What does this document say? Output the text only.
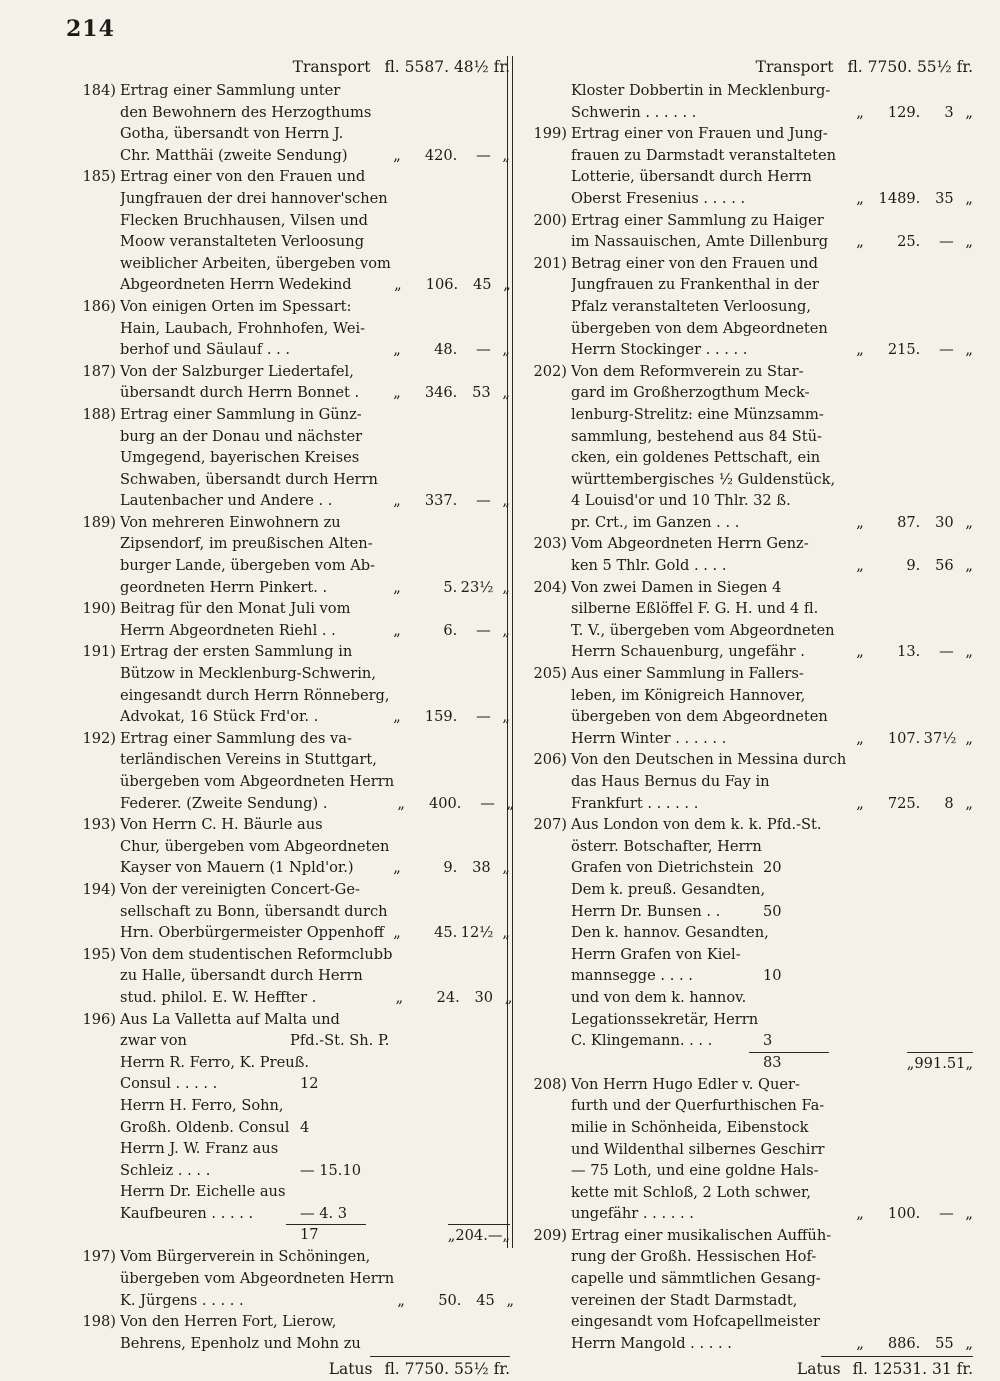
214
Transport fl. 5587. 48½ fr.
184) Ertrag einer Sammlung unter
den Bewohnern des Herzogthums
Gotha, übersandt von Herrn J.
Chr. Matthäi (zweite Sendung)	„	420.	— „
185) Ertrag einer von den Frauen und
Jungfrauen der drei hannover'schen
Flecken Bruchhausen, Vilsen und
Moow veranstalteten Verloosung
weiblicher Arbeiten, übergeben vom
Abgeordneten Herrn Wedekind	„	106.	45 „
186) Von einigen Orten im Spessart:
Hain, Laubach, Frohnhofen, Wei-
berhof und Säulauf . . .	„	48.	— „
187) Von der Salzburger Liedertafel,
übersandt durch Herrn Bonnet .	„	346.	53 „
188) Ertrag einer Sammlung in Günz-
burg an der Donau und nächster
Umgegend, bayerischen Kreises
Schwaben, übersandt durch Herrn
Lautenbacher und Andere . .	„	337.	— „
189) Von mehreren Einwohnern zu
Zipsendorf, im preußischen Alten-
burger Lande, übergeben vom Ab-
geordneten Herrn Pinkert. .	„	5. 23½ „
190) Beitrag für den Monat Juli vom
Herrn Abgeordneten Riehl . .	„	6.	— „
191) Ertrag der ersten Sammlung in
Bützow in Mecklenburg-Schwerin,
eingesandt durch Herrn Rönneberg,
Advokat, 16 Stück Frd'or. .	„	159.	— „
192) Ertrag einer Sammlung des va-
terländischen Vereins in Stuttgart,
übergeben vom Abgeordneten Herrn
Federer. (Zweite Sendung) .	„	400.	— „
193) Von Herrn C. H. Bäurle aus
Chur, übergeben vom Abgeordneten
Kayser von Mauern (1 Npld'or.)	„	9.	38 „
194) Von der vereinigten Concert-Ge-
sellschaft zu Bonn, übersandt durch
Hrn. Oberbürgermeister Oppenhoff „	45. 12½ „
195) Von dem studentischen Reformclubb
zu Halle, übersandt durch Herrn
stud. philol. E. W. Heffter .	„	24.	30 „
196) Aus La Valletta auf Malta und
zwar von	Pfd.-St. Sh. P.
Herrn R. Ferro, K. Preuß.
Consul . . . . .	12
Herrn H. Ferro, Sohn,
Großh. Oldenb. Consul 4
Herrn J. W. Franz aus
Schleiz . . . .	— 15.10
Herrn Dr. Eichelle aus
Kaufbeuren . . . . .	— 4. 3
17	„204.—„
197) Vom Bürgerverein in Schöningen,
übergeben vom Abgeordneten Herrn
K. Jürgens . . . . .	„	50.	45 „
198) Von den Herren Fort, Lierow,
Behrens, Epenholz und Mohn zu
Latus fl. 7750. 55½ fr.
Transport fl. 7750. 55½ fr.
Kloster Dobbertin in Mecklenburg-
Schwerin . . . . . .	„	129.	3 „
199) Ertrag einer von Frauen und Jung-
frauen zu Darmstadt veranstalteten
Lotterie, übersandt durch Herrn
Oberst Fresenius . . . . .	„	1489.	35 „
200) Ertrag einer Sammlung zu Haiger
im Nassauischen, Amte Dillenburg	„	25.	— „
201) Betrag einer von den Frauen und
Jungfrauen zu Frankenthal in der
Pfalz veranstalteten Verloosung,
übergeben von dem Abgeordneten
Herrn Stockinger . . . . .	„	215.	— „
202) Von dem Reformverein zu Star-
gard im Großherzogthum Meck-
lenburg-Strelitz: eine Münzsamm-
sammlung, bestehend aus 84 Stü-
cken, ein goldenes Pettschaft, ein
württembergisches ½ Guldenstück,
4 Louisd'or und 10 Thlr. 32 ß.
pr. Crt., im Ganzen . . .	„	87.	30 „
203) Vom Abgeordneten Herrn Genz-
ken 5 Thlr. Gold . . . .	„	9.	56 „
204) Von zwei Damen in Siegen 4
silberne Eßlöffel F. G. H. und 4 fl.
T. V., übergeben vom Abgeordneten
Herrn Schauenburg, ungefähr .	„	13.	— „
205) Aus einer Sammlung in Fallers-
leben, im Königreich Hannover,
übergeben von dem Abgeordneten
Herrn Winter . . . . . .	„	107. 37½ „
206) Von den Deutschen in Messina durch
das Haus Bernus du Fay in
Frankfurt . . . . . .	„	725.	8 „
207) Aus London von dem k. k. Pfd.-St.
österr. Botschafter, Herrn
Grafen von Dietrichstein 20
Dem k. preuß. Gesandten,
Herrn Dr. Bunsen . .	50
Den k. hannov. Gesandten,
Herrn Grafen von Kiel-
mannsegge . . . .	10
und von dem k. hannov.
Legationssekretär, Herrn
C. Klingemann. . . .	3
83	„991.51„
208) Von Herrn Hugo Edler v. Quer-
furth und der Querfurthischen Fa-
milie in Schönheida, Eibenstock
und Wildenthal silbernes Geschirr
— 75 Loth, und eine goldne Hals-
kette mit Schloß, 2 Loth schwer,
ungefähr . . . . . .	„	100.	— „
209) Ertrag einer musikalischen Auffüh-
rung der Großh. Hessischen Hof-
capelle und sämmtlichen Gesang-
vereinen der Stadt Darmstadt,
eingesandt vom Hofcapellmeister
Herrn Mangold . . . . .	„	886.	55 „
Latus fl. 12531. 31 fr.
